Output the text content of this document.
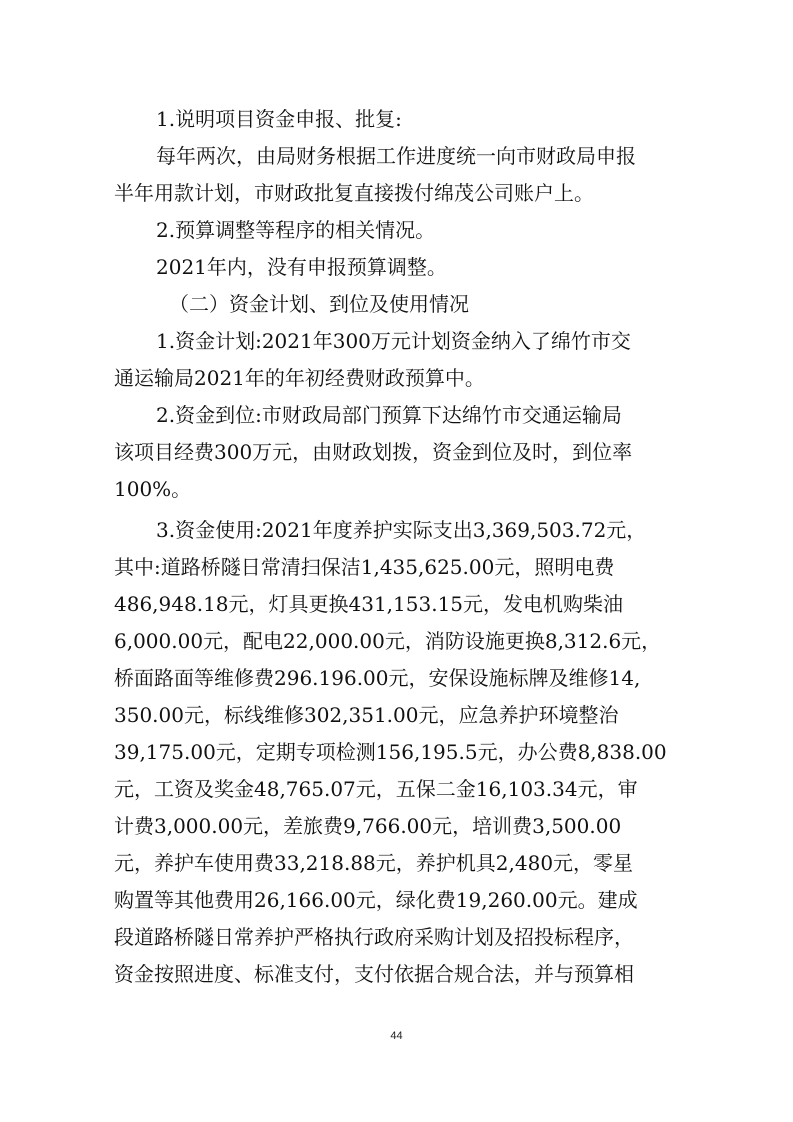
1.说明项目资金申报、批复:
每年两次，由局财务根据工作进度统一向市财政局申报
半年用款计划，市财政批复直接拨付绵茂公司账户上。
2.预算调整等程序的相关情况。
2021年内，没有申报预算调整。
（二）资金计划、到位及使用情况
1.资金计划:2021年300万元计划资金纳入了绵竹市交
通运输局2021年的年初经费财政预算中。
2.资金到位:市财政局部门预算下达绵竹市交通运输局
该项目经费300万元，由财政划拨，资金到位及时，到位率
100%。
3.资金使用:2021年度养护实际支出3,369,503.72元，
其中:道路桥隧日常清扫保洁1,435,625.00元，照明电费
486,948.18元，灯具更换431,153.15元，发电机购柴油
6,000.00元，配电22,000.00元，消防设施更换8,312.6元，
桥面路面等维修费296.196.00元，安保设施标牌及维修14,
350.00元，标线维修302,351.00元，应急养护环境整治
39,175.00元，定期专项检测156,195.5元，办公费8,838.00
元，工资及奖金48,765.07元，五保二金16,103.34元，审
计费3,000.00元，差旅费9,766.00元，培训费3,500.00
元，养护车使用费33,218.88元，养护机具2,480元，零星
购置等其他费用26,166.00元，绿化费19,260.00元。建成
段道路桥隧日常养护严格执行政府采购计划及招投标程序，
资金按照进度、标准支付，支付依据合规合法，并与预算相
44
